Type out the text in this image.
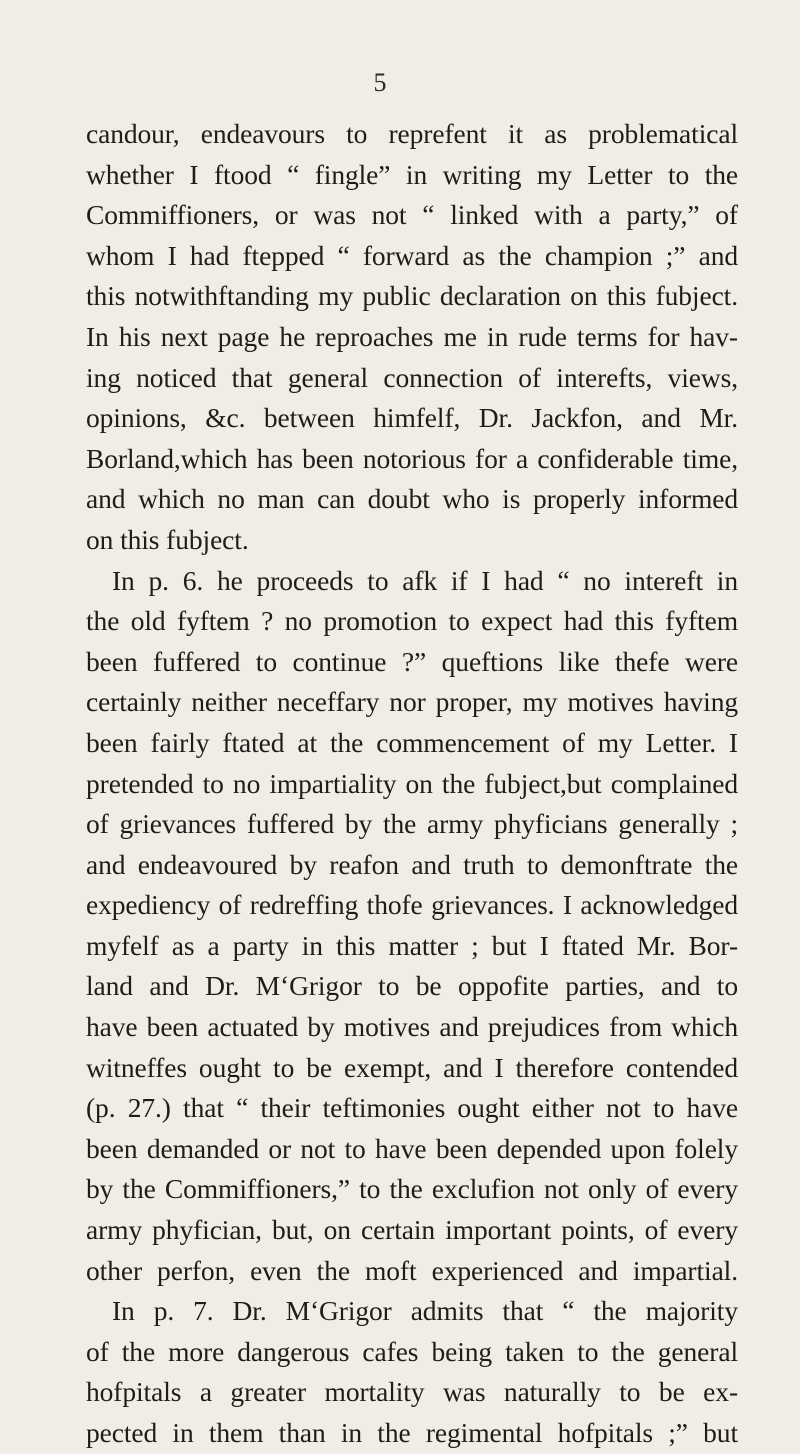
5
candour, endeavours to reprefent it as problematical
whether I ftood “ fingle” in writing my Letter to the
Commiffioners, or was not “ linked with a party,” of
whom I had ftepped “ forward as the champion ;” and
this notwithftanding my public declaration on this fubject.
In his next page he reproaches me in rude terms for hav-
ing noticed that general connection of interefts, views,
opinions, &c. between himfelf, Dr. Jackfon, and Mr.
Borland,which has been notorious for a confiderable time,
and which no man can doubt who is properly informed
on this fubject.
In p. 6. he proceeds to afk if I had “ no intereft in
the old fyftem ? no promotion to expect had this fyftem
been fuffered to continue ?” queftions like thefe were
certainly neither neceffary nor proper, my motives having
been fairly ftated at the commencement of my Letter. I
pretended to no impartiality on the fubject,but complained
of grievances fuffered by the army phyficians generally ;
and endeavoured by reafon and truth to demonftrate the
expediency of redreffing thofe grievances. I acknowledged
myfelf as a party in this matter ; but I ftated Mr. Bor-
land and Dr. M‘Grigor to be oppofite parties, and to
have been actuated by motives and prejudices from which
witneffes ought to be exempt, and I therefore contended
(p. 27.) that “ their teftimonies ought either not to have
been demanded or not to have been depended upon folely
by the Commiffioners,” to the exclufion not only of every
army phyfician, but, on certain important points, of every
other perfon, even the moft experienced and impartial.
In p. 7. Dr. M‘Grigor admits that “ the majority
of the more dangerous cafes being taken to the general
hofpitals a greater mortality was naturally to be ex-
pected in them than in the regimental hofpitals ;” but
